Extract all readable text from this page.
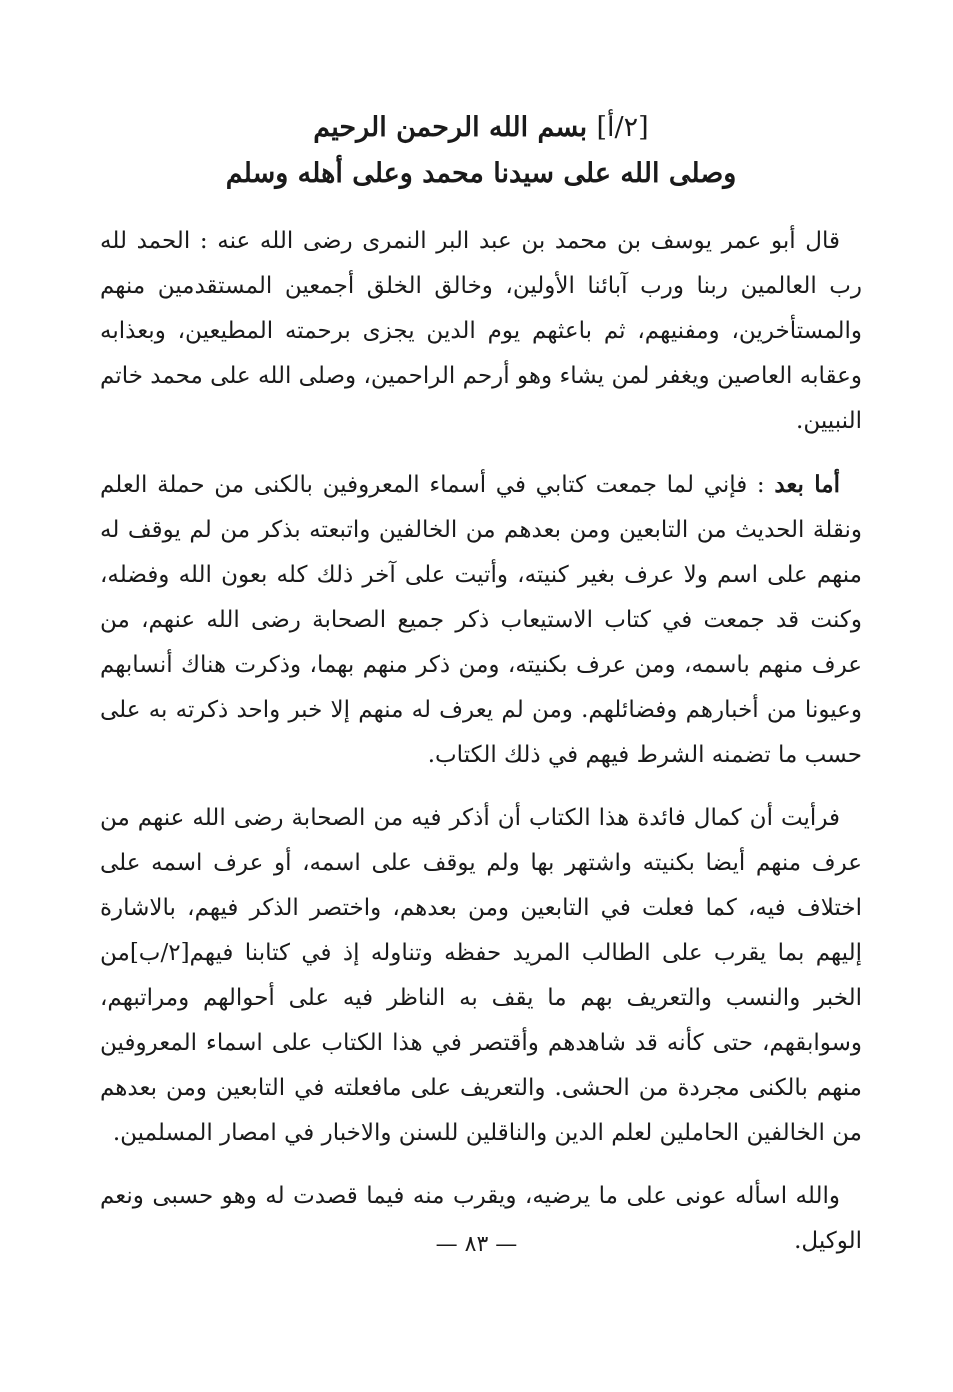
[٢/أ] بسم الله الرحمن الرحيم
وصلى الله على سيدنا محمد وعلى أهله وسلم

قال أبو عمر يوسف بن محمد بن عبد البر النمرى رضى الله عنه : الحمد لله رب العالمين ربنا ورب آبائنا الأولين، وخالق الخلق أجمعين المستقدمين منهم والمستأخرين، ومفنيهم، ثم باعثهم يوم الدين يجزى برحمته المطيعين، وبعذابه وعقابه العاصين ويغفر لمن يشاء وهو أرحم الراحمين، وصلى الله على محمد خاتم النبيين.

أما بعد : فإني لما جمعت كتابي في أسماء المعروفين بالكنى من حملة العلم ونقلة الحديث من التابعين ومن بعدهم من الخالفين واتبعته بذكر من لم يوقف له منهم على اسم ولا عرف بغير كنيته، وأتيت على آخر ذلك كله بعون الله وفضله، وكنت قد جمعت في كتاب الاستيعاب ذكر جميع الصحابة رضى الله عنهم، من عرف منهم باسمه، ومن عرف بكنيته، ومن ذكر منهم بهما، وذكرت هناك أنسابهم وعيونا من أخبارهم وفضائلهم. ومن لم يعرف له منهم إلا خبر واحد ذكرته به على حسب ما تضمنه الشرط فيهم في ذلك الكتاب.

فرأيت أن كمال فائدة هذا الكتاب أن أذكر فيه من الصحابة رضى الله عنهم من عرف منهم أيضا بكنيته واشتهر بها ولم يوقف على اسمه، أو عرف اسمه على اختلاف فيه، كما فعلت في التابعين ومن بعدهم، واختصر الذكر فيهم، بالاشارة إليهم بما يقرب على الطالب المريد حفظه وتناوله إذ في كتابنا فيهم[٢/ب]من الخبر والنسب والتعريف بهم ما يقف به الناظر فيه على أحوالهم ومراتبهم، وسوابقهم، حتى كأنه قد شاهدهم وأقتصر في هذا الكتاب على اسماء المعروفين منهم بالكنى مجردة من الحشى. والتعريف على مافعلته في التابعين ومن بعدهم من الخالفين الحاملين لعلم الدين والناقلين للسنن والاخبار في امصار المسلمين.

والله اسأله عونى على ما يرضيه، ويقرب منه فيما قصدت له وهو حسبى ونعم الوكيل.

— ٨٣ —
